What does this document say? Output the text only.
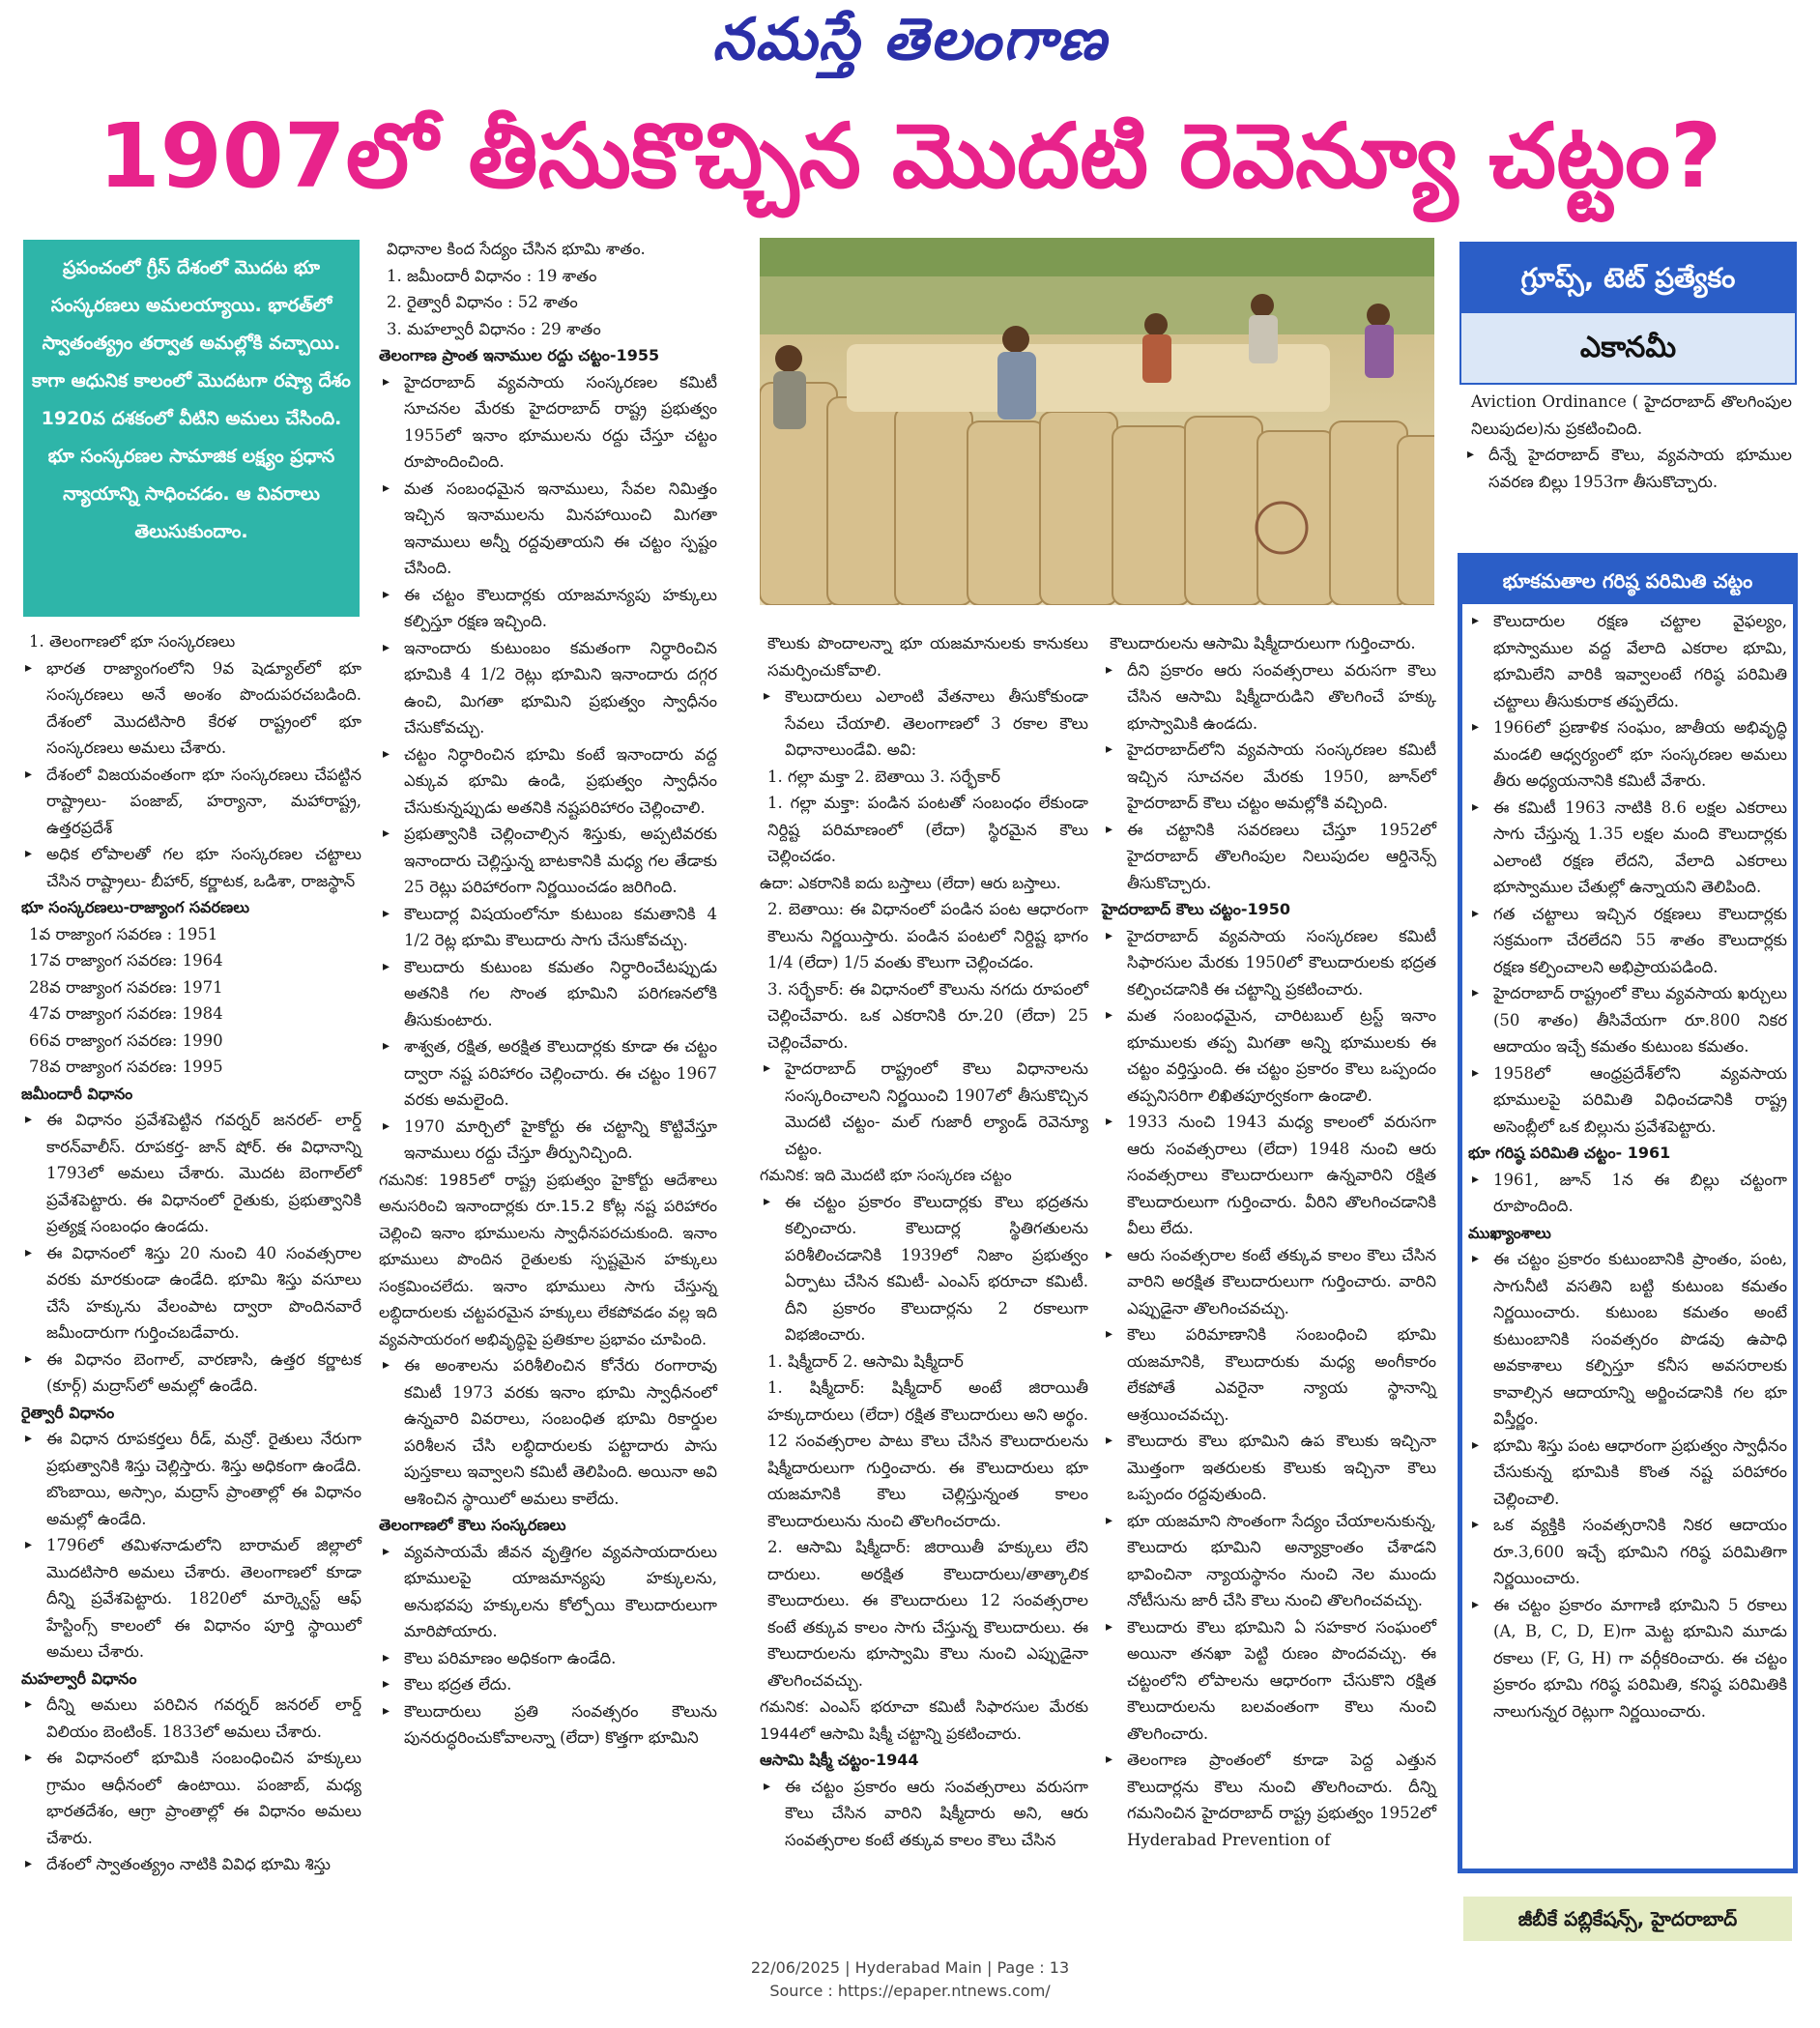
నమస్తే తెలంగాణ
1907లో తీసుకొచ్చిన మొదటి రెవెన్యూ చట్టం?
ప్రపంచంలో గ్రీస్ దేశంలో మొదట భూ సంస్కరణలు అమలయ్యాయి. భారత్‌లో స్వాతంత్య్రం తర్వాత అమల్లోకి వచ్చాయి. కాగా ఆధునిక కాలంలో మొదటగా రష్యా దేశం 1920వ దశకంలో వీటిని అమలు చేసింది. భూ సంస్కరణల సామాజిక లక్ష్యం ప్రధాన న్యాయాన్ని సాధించడం. ఆ వివరాలు తెలుసుకుందాం.

1. తెలంగాణలో భూ సంస్కరణలు

▸ భారత రాజ్యాంగంలోని 9వ షెడ్యూల్‌లో భూ సంస్కరణలు అనే అంశం పొందుపరచబడింది. దేశంలో మొదటిసారి కేరళ రాష్ట్రంలో భూ సంస్కరణలు అమలు చేశారు.

▸ దేశంలో విజయవంతంగా భూ సంస్కరణలు చేపట్టిన రాష్ట్రాలు- పంజాబ్, హర్యానా, మహారాష్ట్ర, ఉత్తరప్రదేశ్

▸ అధిక లోపాలతో గల భూ సంస్కరణల చట్టాలు చేసిన రాష్ట్రాలు- బీహార్, కర్ణాటక, ఒడిశా, రాజస్థాన్

భూ సంస్కరణలు-రాజ్యాంగ సవరణలు

1వ రాజ్యాంగ సవరణ : 1951

17వ రాజ్యాంగ సవరణ: 1964

28వ రాజ్యాంగ సవరణ: 1971

47వ రాజ్యాంగ సవరణ: 1984

66వ రాజ్యాంగ సవరణ: 1990

78వ రాజ్యాంగ సవరణ: 1995

జమీందారీ విధానం

▸ ఈ విధానం ప్రవేశపెట్టిన గవర్నర్ జనరల్- లార్డ్ కారన్‌వాలీస్. రూపకర్త- జాన్ షోర్. ఈ విధానాన్ని 1793లో అమలు చేశారు. మొదట బెంగాల్‌లో ప్రవేశపెట్టారు. ఈ విధానంలో రైతుకు, ప్రభుత్వానికి ప్రత్యక్ష సంబంధం ఉండదు.

▸ ఈ విధానంలో శిస్తు 20 నుంచి 40 సంవత్సరాల వరకు మారకుండా ఉండేది. భూమి శిస్తు వసూలు చేసే హక్కును వేలంపాట ద్వారా పొందినవారే జమీందారుగా గుర్తించబడేవారు.

▸ ఈ విధానం బెంగాల్, వారణాసి, ఉత్తర కర్ణాటక (కూర్గ్) మద్రాస్‌లో అమల్లో ఉండేది.

రైత్వారీ విధానం

▸ ఈ విధాన రూపకర్తలు రీడ్, మన్రో. రైతులు నేరుగా ప్రభుత్వానికి శిస్తు చెల్లిస్తారు. శిస్తు అధికంగా ఉండేది. బొంబాయి, అస్సాం, మద్రాస్ ప్రాంతాల్లో ఈ విధానం అమల్లో ఉండేది.

▸ 1796లో తమిళనాడులోని బారామల్ జిల్లాలో మొదటిసారి అమలు చేశారు. తెలంగాణలో కూడా దీన్ని ప్రవేశపెట్టారు. 1820లో మార్క్వెస్ట్ ఆఫ్ హేస్టింగ్స్ కాలంలో ఈ విధానం పూర్తి స్థాయిలో అమలు చేశారు.

మహల్వారీ విధానం

▸ దీన్ని అమలు పరిచిన గవర్నర్ జనరల్ లార్డ్ విలియం బెంటింక్. 1833లో అమలు చేశారు.

▸ ఈ విధానంలో భూమికి సంబంధించిన హక్కులు గ్రామం ఆధీనంలో ఉంటాయి. పంజాబ్, మధ్య భారతదేశం, ఆగ్రా ప్రాంతాల్లో ఈ విధానం అమలు చేశారు.

▸ దేశంలో స్వాతంత్య్రం నాటికి వివిధ భూమి శిస్తు

విధానాల కింద సేద్యం చేసిన భూమి శాతం.

1. జమీందారీ విధానం : 19 శాతం

2. రైత్వారీ విధానం : 52 శాతం

3. మహల్వారీ విధానం : 29 శాతం

తెలంగాణ ప్రాంత ఇనాముల రద్దు చట్టం-1955

▸ హైదరాబాద్ వ్యవసాయ సంస్కరణల కమిటీ సూచనల మేరకు హైదరాబాద్ రాష్ట్ర ప్రభుత్వం 1955లో ఇనాం భూములను రద్దు చేస్తూ చట్టం రూపొందించింది.

▸ మత సంబంధమైన ఇనాములు, సేవల నిమిత్తం ఇచ్చిన ఇనాములను మినహాయించి మిగతా ఇనాములు అన్నీ రద్దవుతాయని ఈ చట్టం స్పష్టం చేసింది.

▸ ఈ చట్టం కౌలుదార్లకు యాజమాన్యపు హక్కులు కల్పిస్తూ రక్షణ ఇచ్చింది.

▸ ఇనాందారు కుటుంబం కమతంగా నిర్ధారించిన భూమికి 4 1/2 రెట్లు భూమిని ఇనాందారు దగ్గర ఉంచి, మిగతా భూమిని ప్రభుత్వం స్వాధీనం చేసుకోవచ్చు.

▸ చట్టం నిర్ధారించిన భూమి కంటే ఇనాందారు వద్ద ఎక్కువ భూమి ఉండి, ప్రభుత్వం స్వాధీనం చేసుకున్నప్పుడు అతనికి నష్టపరిహారం చెల్లించాలి.

▸ ప్రభుత్వానికి చెల్లించాల్సిన శిస్తుకు, అప్పటివరకు ఇనాందారు చెల్లిస్తున్న బాటకానికి మధ్య గల తేడాకు 25 రెట్లు పరిహారంగా నిర్ణయించడం జరిగింది.

▸ కౌలుదార్ల విషయంలోనూ కుటుంబ కమతానికి 4 1/2 రెట్ల భూమి కౌలుదారు సాగు చేసుకోవచ్చు.

▸ కౌలుదారు కుటుంబ కమతం నిర్ధారించేటప్పుడు అతనికి గల సొంత భూమిని పరిగణనలోకి తీసుకుంటారు.

▸ శాశ్వత, రక్షిత, అరక్షిత కౌలుదార్లకు కూడా ఈ చట్టం ద్వారా నష్ట పరిహారం చెల్లించారు. ఈ చట్టం 1967 వరకు అమలైంది.

▸ 1970 మార్చిలో హైకోర్టు ఈ చట్టాన్ని కొట్టివేస్తూ ఇనాములు రద్దు చేస్తూ తీర్పునిచ్చింది.

గమనిక: 1985లో రాష్ట్ర ప్రభుత్వం హైకోర్టు ఆదేశాలు అనుసరించి ఇనాందార్లకు రూ.15.2 కోట్ల నష్ట పరిహారం చెల్లించి ఇనాం భూములను స్వాధీనపరచుకుంది. ఇనాం భూములు పొందిన రైతులకు స్పష్టమైన హక్కులు సంక్రమించలేదు. ఇనాం భూములు సాగు చేస్తున్న లబ్ధిదారులకు చట్టపరమైన హక్కులు లేకపోవడం వల్ల ఇది వ్యవసాయరంగ అభివృద్ధిపై ప్రతికూల ప్రభావం చూపింది.

▸ ఈ అంశాలను పరిశీలించిన కోనేరు రంగారావు కమిటీ 1973 వరకు ఇనాం భూమి స్వాధీనంలో ఉన్నవారి వివరాలు, సంబంధిత భూమి రికార్డుల పరిశీలన చేసి లబ్ధిదారులకు పట్టాదారు పాసు పుస్తకాలు ఇవ్వాలని కమిటీ తెలిపింది. అయినా అవి ఆశించిన స్థాయిలో అమలు కాలేదు.

తెలంగాణలో కౌలు సంస్కరణలు

▸ వ్యవసాయమే జీవన వృత్తిగల వ్యవసాయదారులు భూములపై యాజమాన్యపు హక్కులను, అనుభవపు హక్కులను కోల్పోయి కౌలుదారులుగా మారిపోయారు.

▸ కౌలు పరిమాణం అధికంగా ఉండేది.

▸ కౌలు భద్రత లేదు.

▸ కౌలుదారులు ప్రతి సంవత్సరం కౌలును పునరుద్ధరించుకోవాలన్నా (లేదా) కొత్తగా భూమిని

కౌలుకు పొందాలన్నా భూ యజమానులకు కానుకలు సమర్పించుకోవాలి.

▸ కౌలుదారులు ఎలాంటి వేతనాలు తీసుకోకుండా సేవలు చేయాలి. తెలంగాణలో 3 రకాల కౌలు విధానాలుండేవి. అవి:

1. గల్లా మక్తా 2. బెతాయి 3. సర్భేకార్

1. గల్లా మక్తా: పండిన పంటతో సంబంధం లేకుండా నిర్దిష్ట పరిమాణంలో (లేదా) స్థిరమైన కౌలు చెల్లించడం.

ఉదా: ఎకరానికి ఐదు బస్తాలు (లేదా) ఆరు బస్తాలు.

2. బెతాయి: ఈ విధానంలో పండిన పంట ఆధారంగా కౌలును నిర్ణయిస్తారు. పండిన పంటలో నిర్దిష్ట భాగం 1/4 (లేదా) 1/5 వంతు కౌలుగా చెల్లించడం.

3. సర్భేకార్: ఈ విధానంలో కౌలును నగదు రూపంలో చెల్లించేవారు. ఒక ఎకరానికి రూ.20 (లేదా) 25 చెల్లించేవారు.

▸ హైదరాబాద్ రాష్ట్రంలో కౌలు విధానాలను సంస్కరించాలని నిర్ణయించి 1907లో తీసుకొచ్చిన మొదటి చట్టం- మల్ గుజారీ ల్యాండ్ రెవెన్యూ చట్టం.

గమనిక: ఇది మొదటి భూ సంస్కరణ చట్టం

▸ ఈ చట్టం ప్రకారం కౌలుదార్లకు కౌలు భద్రతను కల్పించారు. కౌలుదార్ల స్థితిగతులను పరిశీలించడానికి 1939లో నిజాం ప్రభుత్వం ఏర్పాటు చేసిన కమిటీ- ఎంఎస్ భరూచా కమిటీ. దీని ప్రకారం కౌలుదార్లను 2 రకాలుగా విభజించారు.

1. షిక్మీదార్ 2. ఆసామి షిక్మీదార్

1. షిక్మీదార్: షిక్మీదార్ అంటే జిరాయితీ హక్కుదారులు (లేదా) రక్షిత కౌలుదారులు అని అర్థం. 12 సంవత్సరాల పాటు కౌలు చేసిన కౌలుదారులను షిక్మీదారులుగా గుర్తించారు. ఈ కౌలుదారులు భూ యజమానికి కౌలు చెల్లిస్తున్నంత కాలం కౌలుదారులును నుంచి తొలగించరాదు.

2. ఆసామి షిక్మీదార్: జిరాయితీ హక్కులు లేని దారులు. అరక్షిత కౌలుదారులు/తాత్కాలిక కౌలుదారులు. ఈ కౌలుదారులు 12 సంవత్సరాల కంటే తక్కువ కాలం సాగు చేస్తున్న కౌలుదారులు. ఈ కౌలుదారులను భూస్వామి కౌలు నుంచి ఎప్పుడైనా తొలగించవచ్చు.

గమనిక: ఎంఎస్ భరూచా కమిటీ సిఫారసుల మేరకు 1944లో ఆసామి షిక్మీ చట్టాన్ని ప్రకటించారు.

ఆసామి షిక్మీ చట్టం-1944

▸ ఈ చట్టం ప్రకారం ఆరు సంవత్సరాలు వరుసగా కౌలు చేసిన వారిని షిక్మీదారు అని, ఆరు సంవత్సరాల కంటే తక్కువ కాలం కౌలు చేసిన

కౌలుదారులను ఆసామి షిక్మీదారులుగా గుర్తించారు.

▸ దీని ప్రకారం ఆరు సంవత్సరాలు వరుసగా కౌలు చేసిన ఆసామి షిక్మీదారుడిని తొలగించే హక్కు భూస్వామికి ఉండదు.

▸ హైదరాబాద్‌లోని వ్యవసాయ సంస్కరణల కమిటీ ఇచ్చిన సూచనల మేరకు 1950, జూన్‌లో హైదరాబాద్ కౌలు చట్టం అమల్లోకి వచ్చింది.

▸ ఈ చట్టానికి సవరణలు చేస్తూ 1952లో హైదరాబాద్ తొలగింపుల నిలుపుదల ఆర్డినెన్స్ తీసుకొచ్చారు.

హైదరాబాద్ కౌలు చట్టం-1950

▸ హైదరాబాద్ వ్యవసాయ సంస్కరణల కమిటీ సిఫారసుల మేరకు 1950లో కౌలుదారులకు భద్రత కల్పించడానికి ఈ చట్టాన్ని ప్రకటించారు.

▸ మత సంబంధమైన, చారిటబుల్ ట్రస్ట్ ఇనాం భూములకు తప్ప మిగతా అన్ని భూములకు ఈ చట్టం వర్తిస్తుంది. ఈ చట్టం ప్రకారం కౌలు ఒప్పందం తప్పనిసరిగా లిఖితపూర్వకంగా ఉండాలి.

▸ 1933 నుంచి 1943 మధ్య కాలంలో వరుసగా ఆరు సంవత్సరాలు (లేదా) 1948 నుంచి ఆరు సంవత్సరాలు కౌలుదారులుగా ఉన్నవారిని రక్షిత కౌలుదారులుగా గుర్తించారు. వీరిని తొలగించడానికి వీలు లేదు.

▸ ఆరు సంవత్సరాల కంటే తక్కువ కాలం కౌలు చేసిన వారిని అరక్షిత కౌలుదారులుగా గుర్తించారు. వారిని ఎప్పుడైనా తొలగించవచ్చు.

▸ కౌలు పరిమాణానికి సంబంధించి భూమి యజమానికి, కౌలుదారుకు మధ్య అంగీకారం లేకపోతే ఎవరైనా న్యాయ స్థానాన్ని ఆశ్రయించవచ్చు.

▸ కౌలుదారు కౌలు భూమిని ఉప కౌలుకు ఇచ్చినా మొత్తంగా ఇతరులకు కౌలుకు ఇచ్చినా కౌలు ఒప్పందం రద్దవుతుంది.

▸ భూ యజమాని సొంతంగా సేద్యం చేయాలనుకున్న, కౌలుదారు భూమిని అన్యాక్రాంతం చేశాడని భావించినా న్యాయస్థానం నుంచి నెల ముందు నోటీసును జారీ చేసి కౌలు నుంచి తొలగించవచ్చు.

▸ కౌలుదారు కౌలు భూమిని ఏ సహకార సంఘంలో అయినా తనఖా పెట్టి రుణం పొందవచ్చు. ఈ చట్టంలోని లోపాలను ఆధారంగా చేసుకొని రక్షిత కౌలుదారులను బలవంతంగా కౌలు నుంచి తొలగించారు.

▸ తెలంగాణ ప్రాంతంలో కూడా పెద్ద ఎత్తున కౌలుదార్లను కౌలు నుంచి తొలగించారు. దీన్ని గమనించిన హైదరాబాద్ రాష్ట్ర ప్రభుత్వం 1952లో Hyderabad Prevention of

గ్రూప్స్, టెట్ ప్రత్యేకం
ఎకానమీ

Aviction Ordinance ( హైదరాబాద్ తొలగింపుల నిలుపుదల)ను ప్రకటించింది.

▸ దీన్నే హైదరాబాద్ కౌలు, వ్యవసాయ భూముల సవరణ బిల్లు 1953గా తీసుకొచ్చారు.

భూకమతాల గరిష్ఠ పరిమితి చట్టం

▸ కౌలుదారుల రక్షణ చట్టాల వైఫల్యం, భూస్వాముల వద్ద వేలాది ఎకరాల భూమి, భూమిలేని వారికి ఇవ్వాలంటే గరిష్ఠ పరిమితి చట్టాలు తీసుకురాక తప్పలేదు.

▸ 1966లో ప్రణాళిక సంఘం, జాతీయ అభివృద్ధి మండలి ఆధ్వర్యంలో భూ సంస్కరణల అమలు తీరు అధ్యయనానికి కమిటీ వేశారు.

▸ ఈ కమిటీ 1963 నాటికి 8.6 లక్షల ఎకరాలు సాగు చేస్తున్న 1.35 లక్షల మంది కౌలుదార్లకు ఎలాంటి రక్షణ లేదని, వేలాది ఎకరాలు భూస్వాముల చేతుల్లో ఉన్నాయని తెలిపింది.

▸ గత చట్టాలు ఇచ్చిన రక్షణలు కౌలుదార్లకు సక్రమంగా చేరలేదని 55 శాతం కౌలుదార్లకు రక్షణ కల్పించాలని అభిప్రాయపడింది.

▸ హైదరాబాద్ రాష్ట్రంలో కౌలు వ్యవసాయ ఖర్చులు (50 శాతం) తీసివేయగా రూ.800 నికర ఆదాయం ఇచ్చే కమతం కుటుంబ కమతం.

▸ 1958లో ఆంధ్రప్రదేశ్‌లోని వ్యవసాయ భూములపై పరిమితి విధించడానికి రాష్ట్ర అసెంబ్లీలో ఒక బిల్లును ప్రవేశపెట్టారు.

భూ గరిష్ఠ పరిమితి చట్టం- 1961

▸ 1961, జూన్ 1న ఈ బిల్లు చట్టంగా రూపొందింది.

ముఖ్యాంశాలు

▸ ఈ చట్టం ప్రకారం కుటుంబానికి ప్రాంతం, పంట, సాగునీటి వసతిని బట్టి కుటుంబ కమతం నిర్ణయించారు. కుటుంబ కమతం అంటే కుటుంబానికి సంవత్సరం పొడవు ఉపాధి అవకాశాలు కల్పిస్తూ కనీస అవసరాలకు కావాల్సిన ఆదాయాన్ని అర్జించడానికి గల భూ విస్తీర్ణం.

▸ భూమి శిస్తు పంట ఆధారంగా ప్రభుత్వం స్వాధీనం చేసుకున్న భూమికి కొంత నష్ట పరిహారం చెల్లించాలి.

▸ ఒక వ్యక్తికి సంవత్సరానికి నికర ఆదాయం రూ.3,600 ఇచ్చే భూమిని గరిష్ఠ పరిమితిగా నిర్ణయించారు.

▸ ఈ చట్టం ప్రకారం మాగాణి భూమిని 5 రకాలు (A, B, C, D, E)గా మెట్ట భూమిని మూడు రకాలు (F, G, H) గా వర్గీకరించారు. ఈ చట్టం ప్రకారం భూమి గరిష్ఠ పరిమితి, కనిష్ఠ పరిమితికి నాలుగున్నర రెట్లుగా నిర్ణయించారు.

జీబీకే పబ్లికేషన్స్, హైదరాబాద్
22/06/2025 | Hyderabad Main | Page : 13
Source : https://epaper.ntnews.com/
